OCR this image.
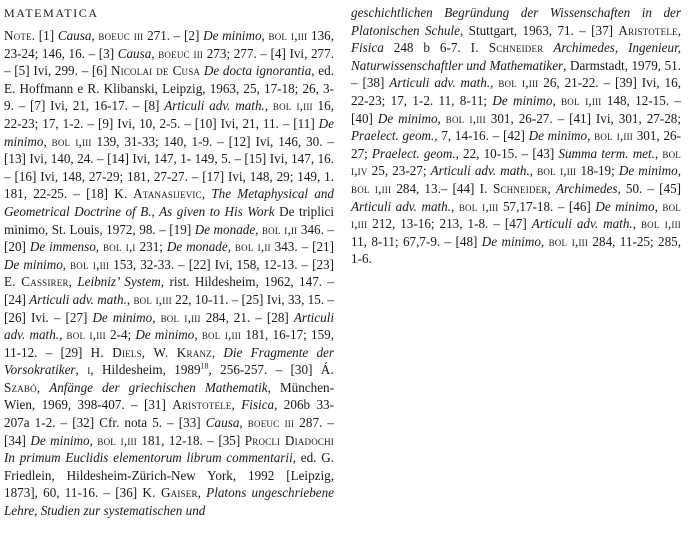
MATEMATICA
Note. [1] Causa, boeuc iii 271. – [2] De minimo, bol i,iii 136, 23-24; 146, 16. – [3] Causa, boeuc iii 273; 277. – [4] Ivi, 277. – [5] Ivi, 299. – [6] Nicolai de Cusa De docta ignorantia, ed. E. Hoffmann e R. Klibanski, Leipzig, 1963, 25, 17-18; 26, 3-9. – [7] Ivi, 21, 16-17. – [8] Articuli adv. math., bol i,iii 16, 22-23; 17, 1-2. – [9] Ivi, 10, 2-5. – [10] Ivi, 21, 11. – [11] De minimo, bol i,iii 139, 31-33; 140, 1-9. – [12] Ivi, 146, 30. – [13] Ivi, 140, 24. – [14] Ivi, 147, 1- 149, 5. – [15] Ivi, 147, 16. – [16] Ivi, 148, 27-29; 181, 27-27. – [17] Ivi, 148, 29; 149, 1. 181, 22-25. – [18] K. Atanasijevic, The Metaphysical and Geometrical Doctrine of B., As given to His Work De triplici minimo, St. Louis, 1972, 98. – [19] De monade, bol i,ii 346. – [20] De immenso, bol i,i 231; De monade, bol i,ii 343. – [21] De minimo, bol i,iii 153, 32-33. – [22] Ivi, 158, 12-13. – [23] E. Cassirer, Leibniz’ System, rist. Hildesheim, 1962, 147. – [24] Articuli adv. math., bol i,iii 22, 10-11. – [25] Ivi, 33, 15. – [26] Ivi. – [27] De minimo, bol i,iii 284, 21. – [28] Articuli adv. math., bol i,iii 2-4; De minimo, bol i,iii 181, 16-17; 159, 11-12. – [29] H. Diels, W. Kranz, Die Fragmente der Vorsokratiker, i, Hildesheim, 1989$^{18}$, 256-257. – [30] Á. Szabó, Anfänge der griechischen Mathematik, München-Wien, 1969, 398-407. – [31] Aristotele, Fisica, 206b 33-207a 1-2. – [32] Cfr. nota 5. – [33] Causa, boeuc iii 287. – [34] De minimo, bol i,iii 181, 12-18. – [35] Procli Diadochi In primum Euclidis elementorum librum commentarii, ed. G. Friedlein, Hildesheim-Zürich-New York, 1992 [Leipzig, 1873], 60, 11-16. – [36] K. Gaiser, Platons ungeschriebene Lehre, Studien zur systematischen und
geschichtlichen Begründung der Wissenschaften in der Platonischen Schule, Stuttgart, 1963, 71. – [37] Aristotele, Fisica 248 b 6-7. I. Schneider Archimedes, Ingenieur, Naturwissenschaftler und Mathematiker, Darmstadt, 1979, 51. – [38] Articuli adv. math., bol i,iii 26, 21-22. – [39] Ivi, 16, 22-23; 17, 1-2. 11, 8-11; De minimo, bol i,iii 148, 12-15. – [40] De minimo, bol i,iii 301, 26-27. – [41] Ivi, 301, 27-28; Praelect. geom., 7, 14-16. – [42] De minimo, bol i,iii 301, 26-27; Praelect. geom., 22, 10-15. – [43] Summa term. met., bol i,iv 25, 23-27; Articuli adv. math., bol i,iii 18-19; De minimo, bol i,iii 284, 13.– [44] I. Schneider, Archimedes, 50. – [45] Articuli adv. math., bol i,iii 57,17-18. – [46] De minimo, bol i,iii 212, 13-16; 213, 1-8. – [47] Articuli adv. math., bol i,iii 11, 8-11; 67,7-9. – [48] De minimo, bol i,iii 284, 11-25; 285, 1-6.
